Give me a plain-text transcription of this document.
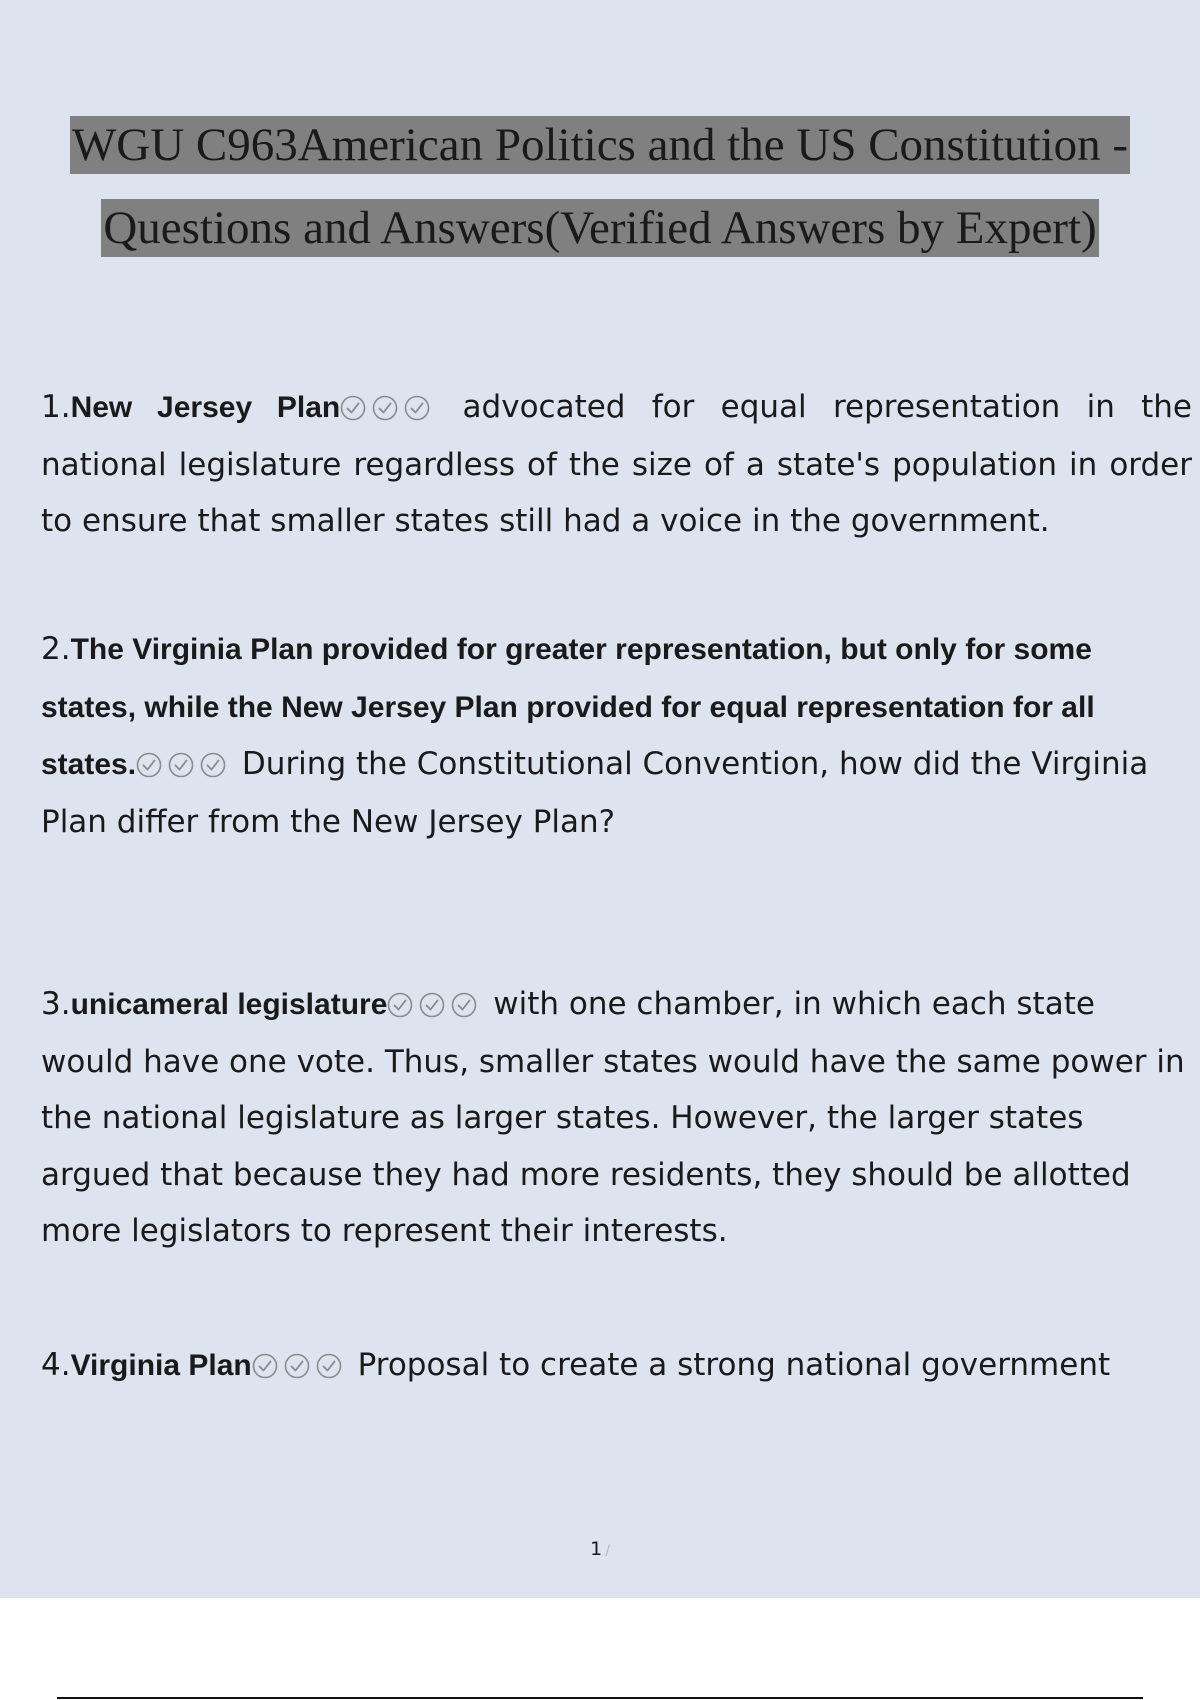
WGU C963American Politics and the US Constitution -
Questions and Answers(Verified Answers by Expert)
1.New Jersey Plan	advocated for equal representation in the national legislature regardless of the size of a state's population in order to ensure that smaller states still had a voice in the government.
2.The Virginia Plan provided for greater representation, but only for some states, while the New Jersey Plan provided for equal representation for all states.	During the Constitutional Convention, how did the Virginia Plan differ from the New Jersey Plan?
3.unicameral legislature	with one chamber, in which each state would have one vote. Thus, smaller states would have the same power in the national legislature as larger states. However, the larger states argued that because they had more residents, they should be allotted more legislators to represent their interests.
4.Virginia Plan	Proposal to create a strong national government
1 /
